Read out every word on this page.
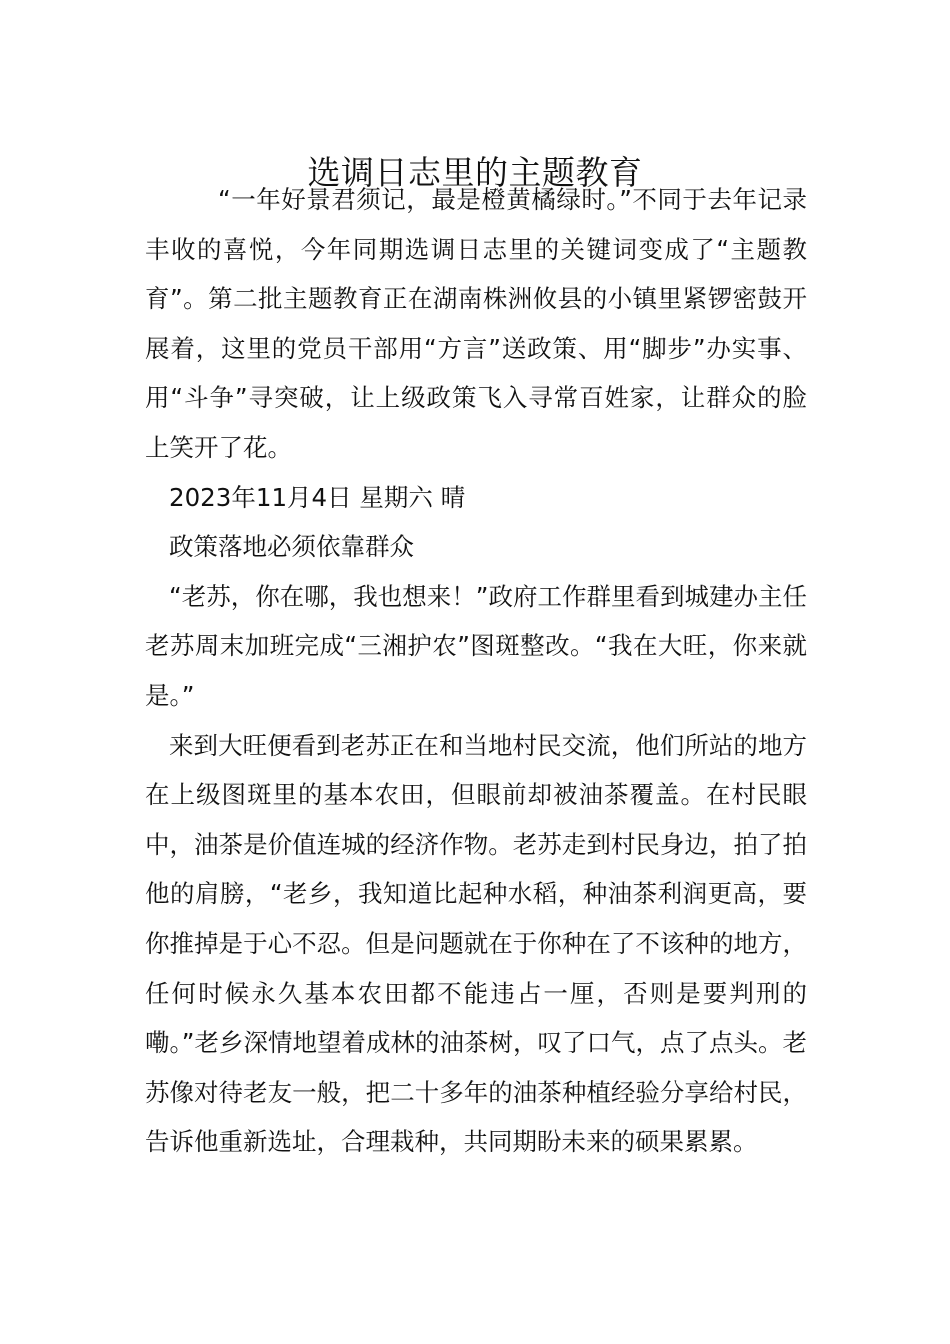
选调日志里的主题教育

“一年好景君须记，最是橙黄橘绿时。”不同于去年记录丰收的喜悦，今年同期选调日志里的关键词变成了“主题教育”。第二批主题教育正在湖南株洲攸县的小镇里紧锣密鼓开展着，这里的党员干部用“方言”送政策、用“脚步”办实事、用“斗争”寻突破，让上级政策飞入寻常百姓家，让群众的脸上笑开了花。

2023年11月4日 星期六 晴

政策落地必须依靠群众

“老苏，你在哪，我也想来！”政府工作群里看到城建办主任老苏周末加班完成“三湘护农”图斑整改。“我在大旺，你来就是。”

来到大旺便看到老苏正在和当地村民交流，他们所站的地方在上级图斑里的基本农田，但眼前却被油茶覆盖。在村民眼中，油茶是价值连城的经济作物。老苏走到村民身边，拍了拍他的肩膀，“老乡，我知道比起种水稻，种油茶利润更高，要你推掉是于心不忍。但是问题就在于你种在了不该种的地方，任何时候永久基本农田都不能违占一厘，否则是要判刑的嘞。”老乡深情地望着成林的油茶树，叹了口气，点了点头。老苏像对待老友一般，把二十多年的油茶种植经验分享给村民，告诉他重新选址，合理栽种，共同期盼未来的硕果累累。
